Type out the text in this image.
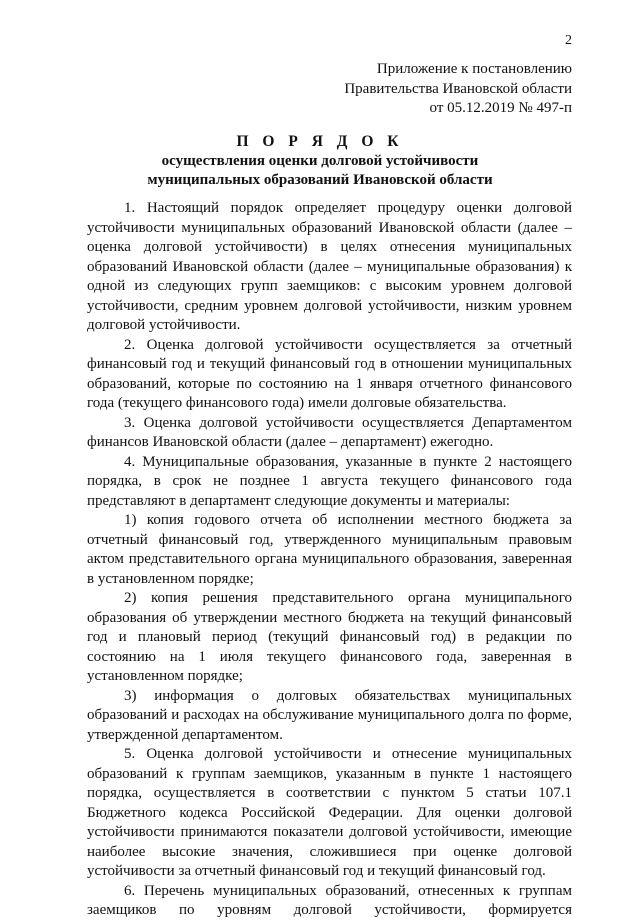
2
Приложение к постановлению
Правительства Ивановской области
от 05.12.2019 № 497-п
П О Р Я Д О К
осуществления оценки долговой устойчивости
муниципальных образований Ивановской области

1. Настоящий порядок определяет процедуру оценки долговой устойчивости муниципальных образований Ивановской области (далее – оценка долговой устойчивости) в целях отнесения муниципальных образований Ивановской области (далее – муниципальные образования) к одной из следующих групп заемщиков: с высоким уровнем долговой устойчивости, средним уровнем долговой устойчивости, низким уровнем долговой устойчивости.

2. Оценка долговой устойчивости осуществляется за отчетный финансовый год и текущий финансовый год в отношении муниципальных образований, которые по состоянию на 1 января отчетного финансового года (текущего финансового года) имели долговые обязательства.

3. Оценка долговой устойчивости осуществляется Департаментом финансов Ивановской области (далее – департамент) ежегодно.

4. Муниципальные образования, указанные в пункте 2 настоящего порядка, в срок не позднее 1 августа текущего финансового года представляют в департамент следующие документы и материалы:

1) копия годового отчета об исполнении местного бюджета за отчетный финансовый год, утвержденного муниципальным правовым актом представительного органа муниципального образования, заверенная в установленном порядке;

2) копия решения представительного органа муниципального образования об утверждении местного бюджета на текущий финансовый год и плановый период (текущий финансовый год) в редакции по состоянию на 1 июля текущего финансового года, заверенная в установленном порядке;

3) информация о долговых обязательствах муниципальных образований и расходах на обслуживание муниципального долга по форме, утвержденной департаментом.

5. Оценка долговой устойчивости и отнесение муниципальных образований к группам заемщиков, указанным в пункте 1 настоящего порядка, осуществляется в соответствии с пунктом 5 статьи 107.1 Бюджетного кодекса Российской Федерации. Для оценки долговой устойчивости принимаются показатели долговой устойчивости, имеющие наиболее высокие значения, сложившиеся при оценке долговой устойчивости за отчетный финансовый год и текущий финансовый год.

6. Перечень муниципальных образований, отнесенных к группам заемщиков по уровням долговой устойчивости, формируется
